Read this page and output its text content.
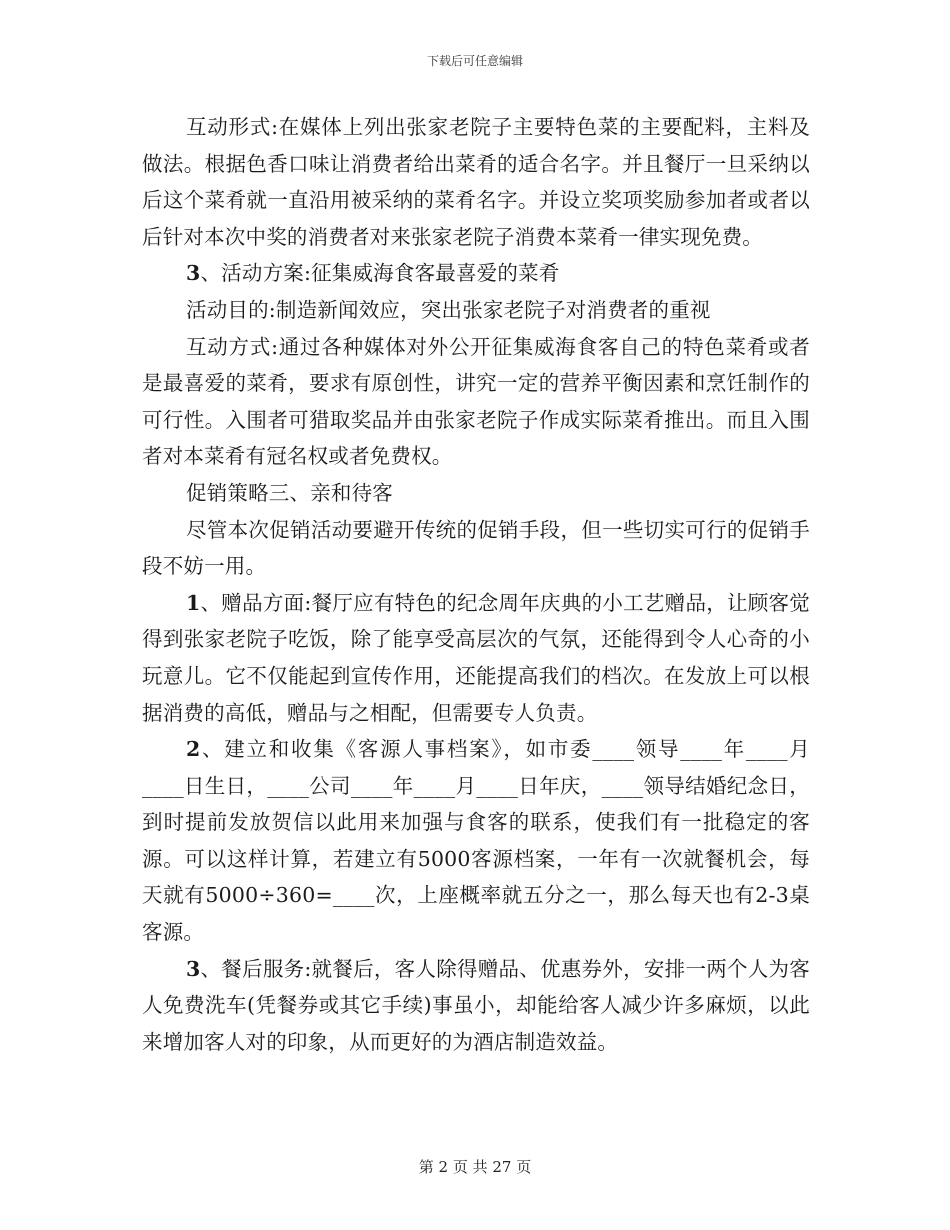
下载后可任意编辑

互动形式:在媒体上列出张家老院子主要特色菜的主要配料，主料及做法。根据色香口味让消费者给出菜肴的适合名字。并且餐厅一旦采纳以后这个菜肴就一直沿用被采纳的菜肴名字。并设立奖项奖励参加者或者以后针对本次中奖的消费者对来张家老院子消费本菜肴一律实现免费。

3、活动方案:征集威海食客最喜爱的菜肴

活动目的:制造新闻效应，突出张家老院子对消费者的重视

互动方式:通过各种媒体对外公开征集威海食客自己的特色菜肴或者是最喜爱的菜肴，要求有原创性，讲究一定的营养平衡因素和烹饪制作的可行性。入围者可猎取奖品并由张家老院子作成实际菜肴推出。而且入围者对本菜肴有冠名权或者免费权。

促销策略三、亲和待客

尽管本次促销活动要避开传统的促销手段，但一些切实可行的促销手段不妨一用。

1、赠品方面:餐厅应有特色的纪念周年庆典的小工艺赠品，让顾客觉得到张家老院子吃饭，除了能享受高层次的气氛，还能得到令人心奇的小玩意儿。它不仅能起到宣传作用，还能提高我们的档次。在发放上可以根据消费的高低，赠品与之相配，但需要专人负责。

2、建立和收集《客源人事档案》，如市委____领导____年____月____日生日，____公司____年____月____日年庆，____领导结婚纪念日，到时提前发放贺信以此用来加强与食客的联系，使我们有一批稳定的客源。可以这样计算，若建立有5000客源档案，一年有一次就餐机会，每天就有5000÷360=____次，上座概率就五分之一，那么每天也有2-3桌客源。

3、餐后服务:就餐后，客人除得赠品、优惠券外，安排一两个人为客人免费洗车(凭餐券或其它手续)事虽小，却能给客人减少许多麻烦，以此来增加客人对的印象，从而更好的为酒店制造效益。

第 2 页 共 27 页
